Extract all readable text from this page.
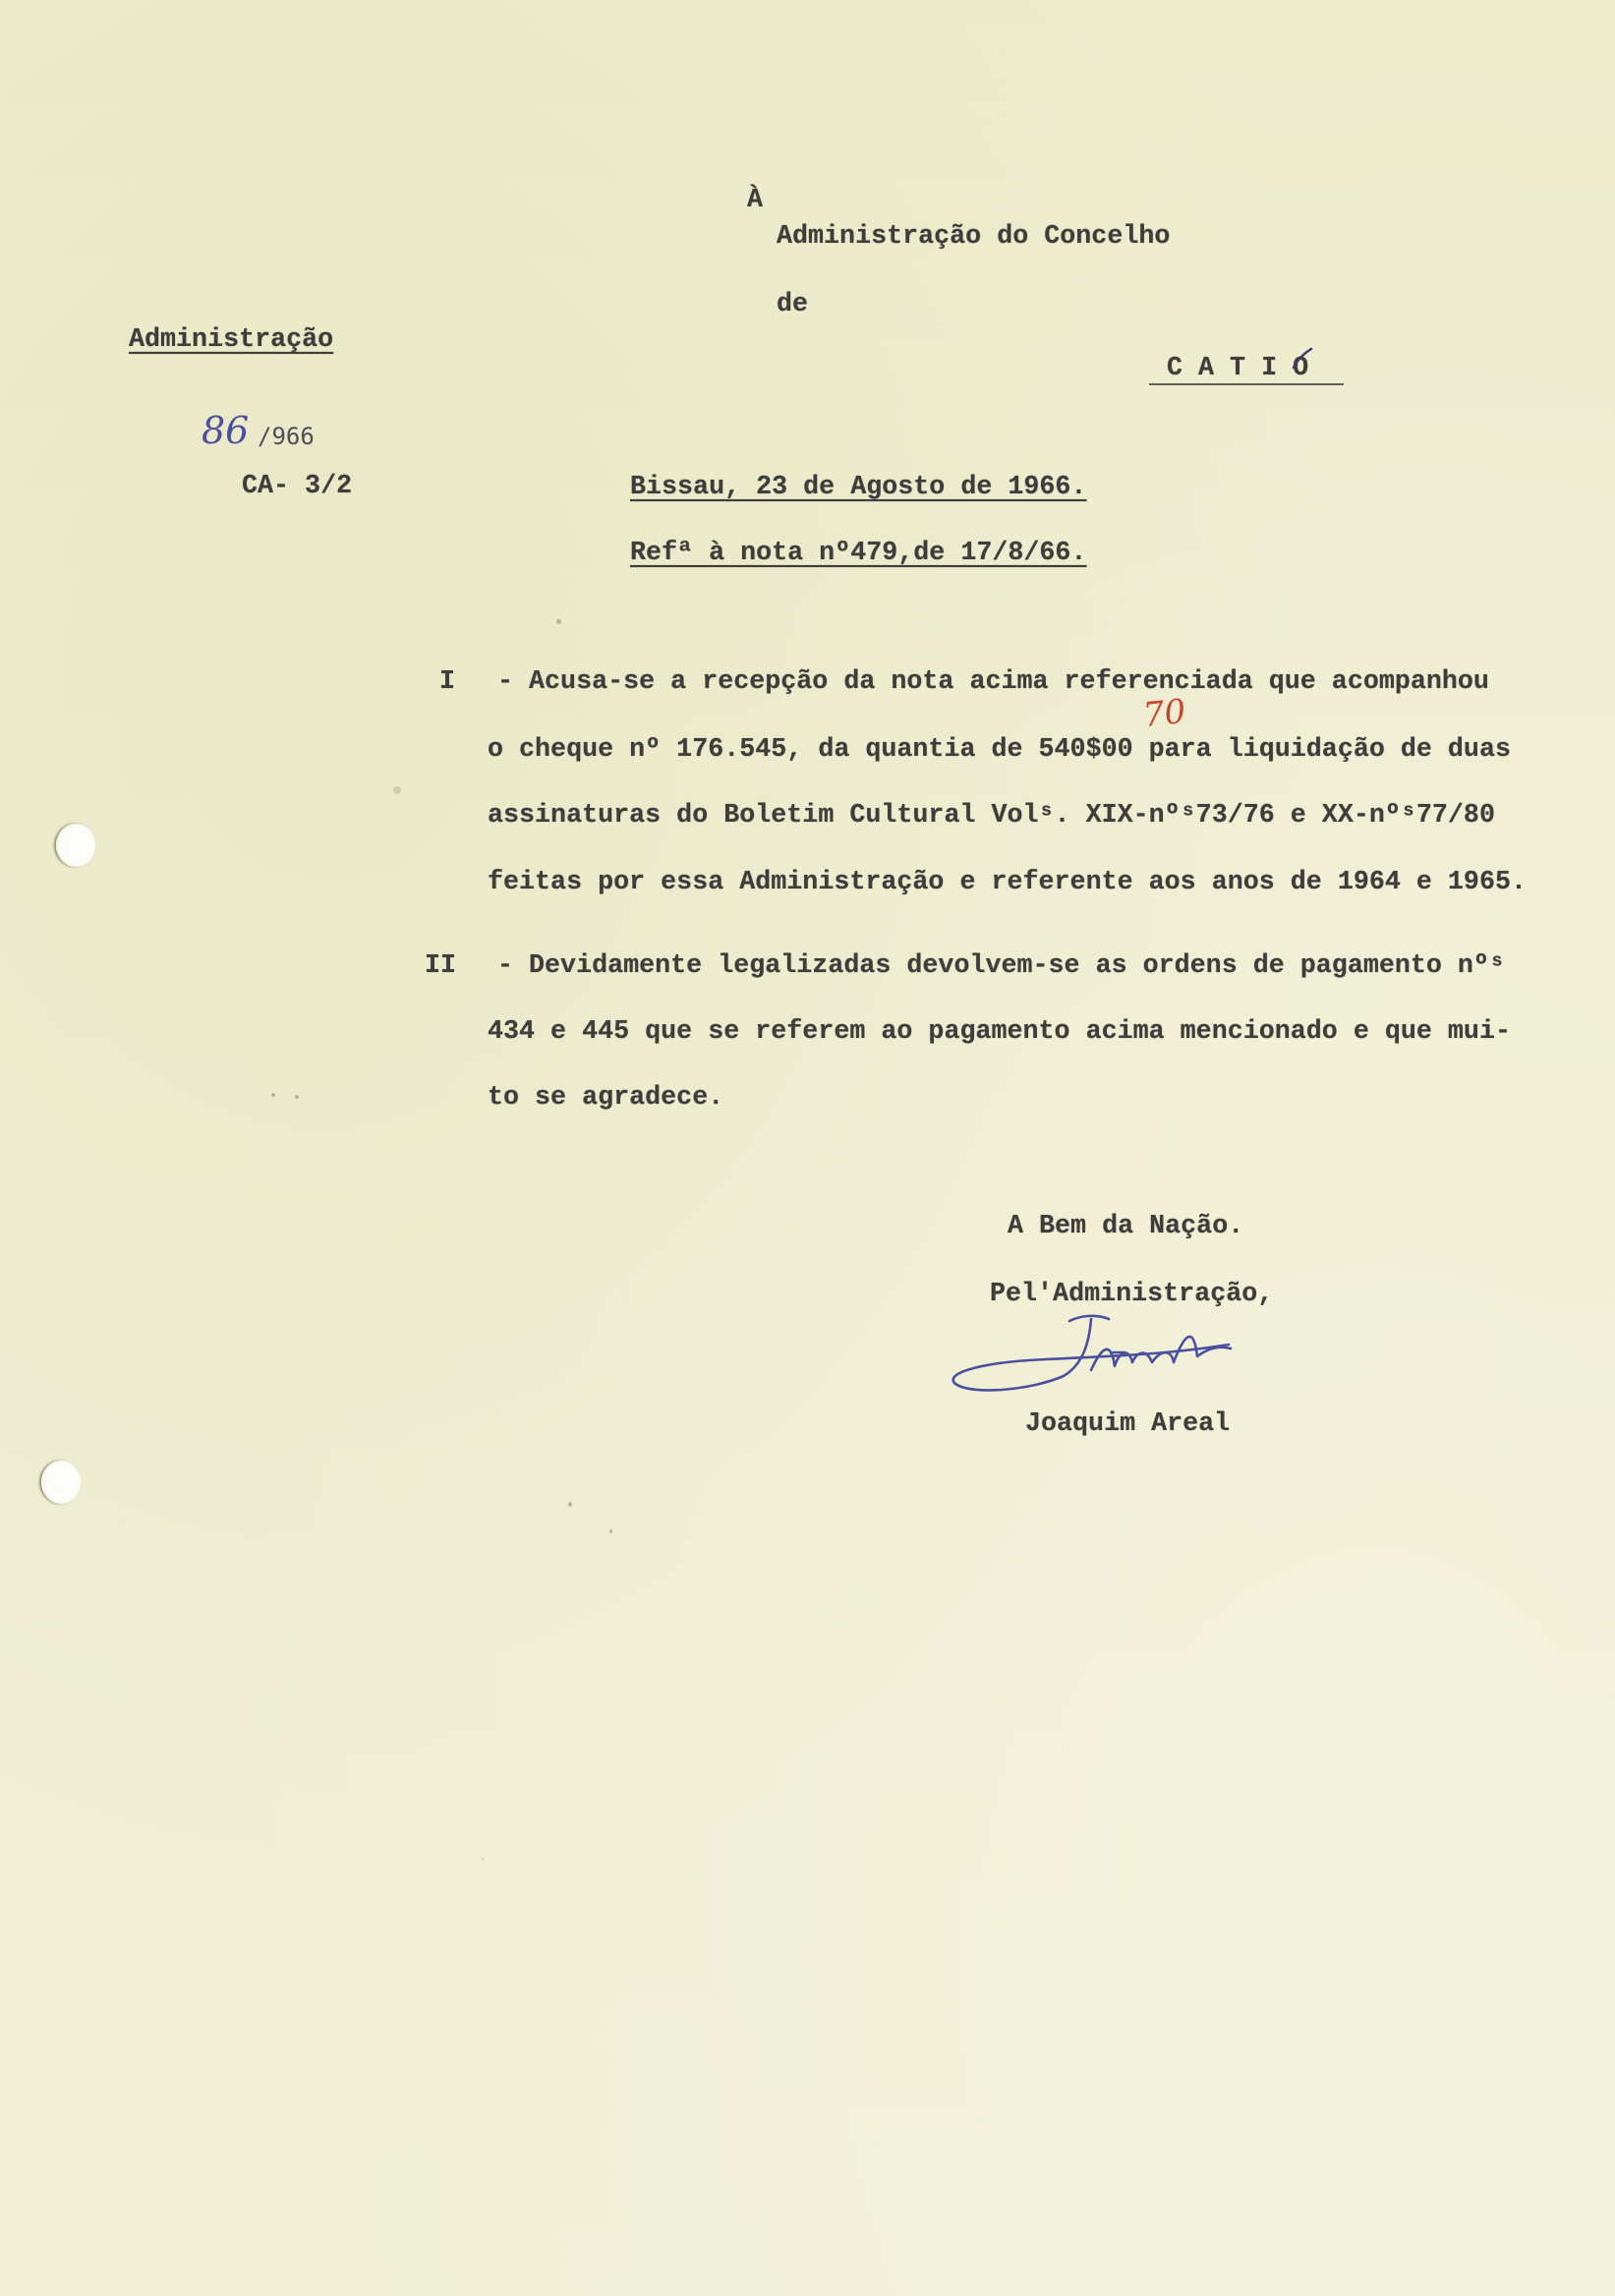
À
Administração do Concelho
de
C A T I O
Administração
86 /966
CA- 3/2	Bissau, 23 de Agosto de 1966.
Refª à nota nº479,de 17/8/66.
I - Acusa-se a recepção da nota acima referenciada que acompanhou
o cheque nº 176.545, da quantia de 540$00 para liquidação de duas
assinaturas do Boletim Cultural Volˢ. XIX-nºˢ73/76 e XX-nºˢ77/80
feitas por essa Administração e referente aos anos de 1964 e 1965.
70
II - Devidamente legalizadas devolvem-se as ordens de pagamento nºˢ
434 e 445 que se referem ao pagamento acima mencionado e que mui-
to se agradece.
A Bem da Nação.
Pel'Administração,
Joaquim Areal
